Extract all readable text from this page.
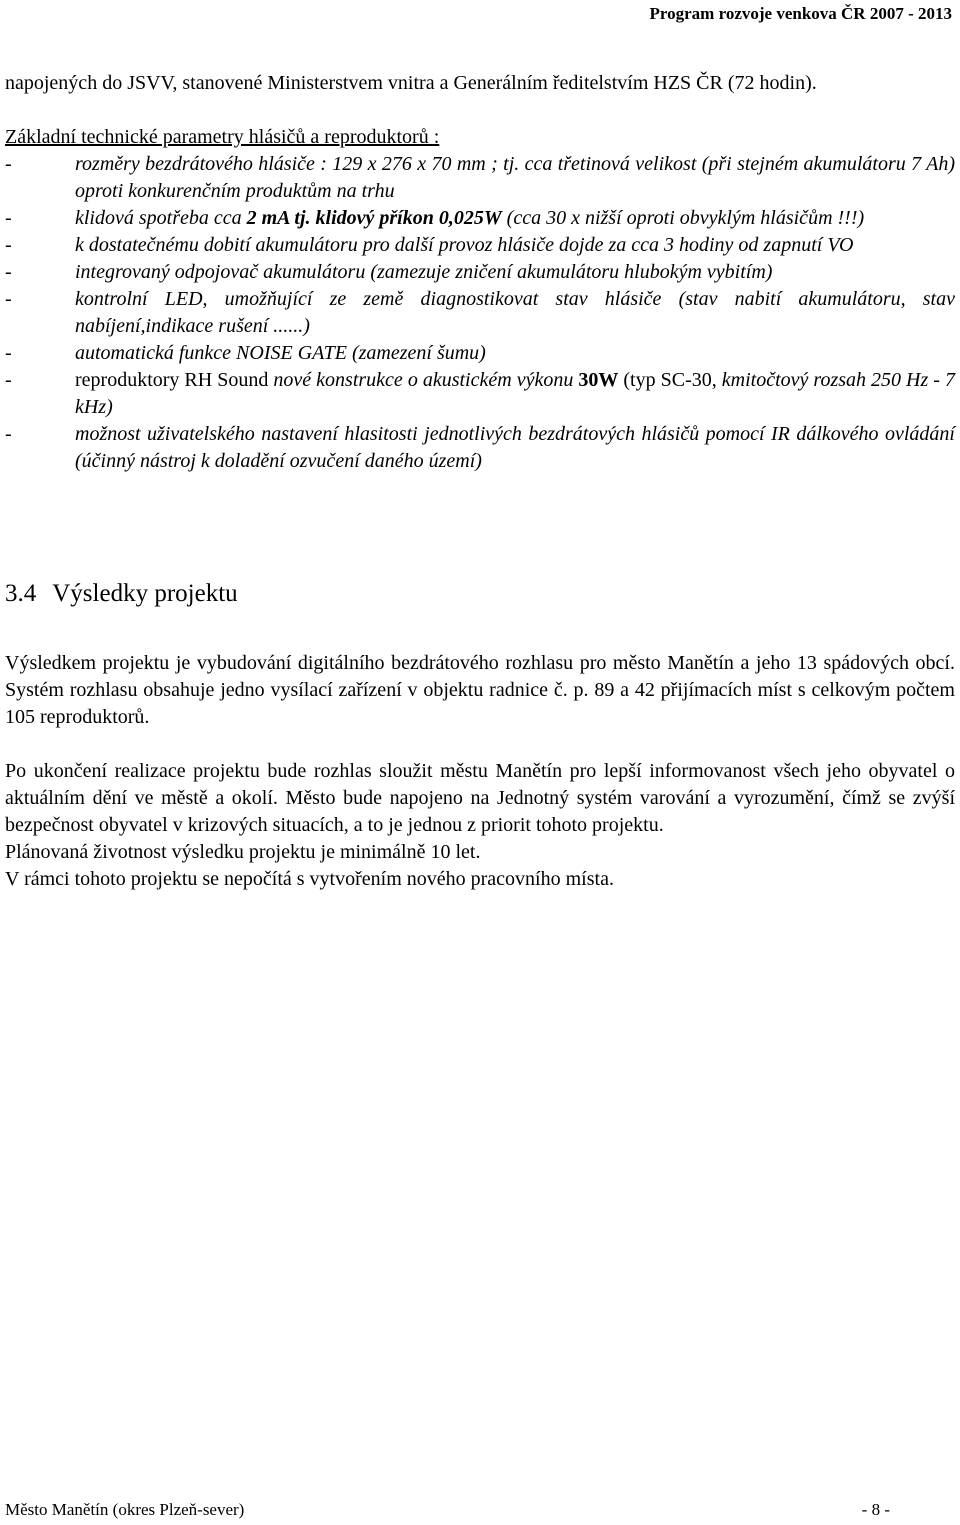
Program rozvoje venkova ČR 2007 - 2013

napojených do JSVV, stanovené Ministerstvem vnitra a Generálním ředitelstvím HZS ČR (72 hodin).

Základní technické parametry hlásičů a reproduktorů :

- rozměry bezdrátového hlásiče : 129 x 276 x 70 mm ; tj. cca třetinová velikost (při stejném akumulátoru 7 Ah) oproti konkurenčním produktům na trhu
- klidová spotřeba cca 2 mA tj. klidový příkon 0,025W (cca 30 x nižší oproti obvyklým hlásičům !!!)
- k dostatečnému dobití akumulátoru pro další provoz hlásiče dojde za cca 3 hodiny od zapnutí VO
- integrovaný odpojovač akumulátoru (zamezuje zničení akumulátoru hlubokým vybitím)
- kontrolní LED, umožňující ze země diagnostikovat stav hlásiče (stav nabití akumulátoru, stav nabíjení,indikace rušení ......)
- automatická funkce NOISE GATE (zamezení šumu)
- reproduktory RH Sound nové konstrukce o akustickém výkonu 30W (typ SC-30, kmitočtový rozsah 250 Hz - 7 kHz)
- možnost uživatelského nastavení hlasitosti jednotlivých bezdrátových hlásičů pomocí IR dálkového ovládání (účinný nástroj k doladění ozvučení daného území)
3.4 Výsledky projektu

Výsledkem projektu je vybudování digitálního bezdrátového rozhlasu pro město Manětín a jeho 13 spádových obcí. Systém rozhlasu obsahuje jedno vysílací zařízení v objektu radnice č. p. 89 a 42 přijímacích míst s celkovým počtem 105 reproduktorů.

Po ukončení realizace projektu bude rozhlas sloužit městu Manětín pro lepší informovanost všech jeho obyvatel o aktuálním dění ve městě a okolí. Město bude napojeno na Jednotný systém varování a vyrozumění, čímž se zvýší bezpečnost obyvatel v krizových situacích, a to je jednou z priorit tohoto projektu.

Plánovaná životnost výsledku projektu je minimálně 10 let.

V rámci tohoto projektu se nepočítá s vytvořením nového pracovního místa.

Město Manětín (okres Plzeň-sever)	- 8 -
